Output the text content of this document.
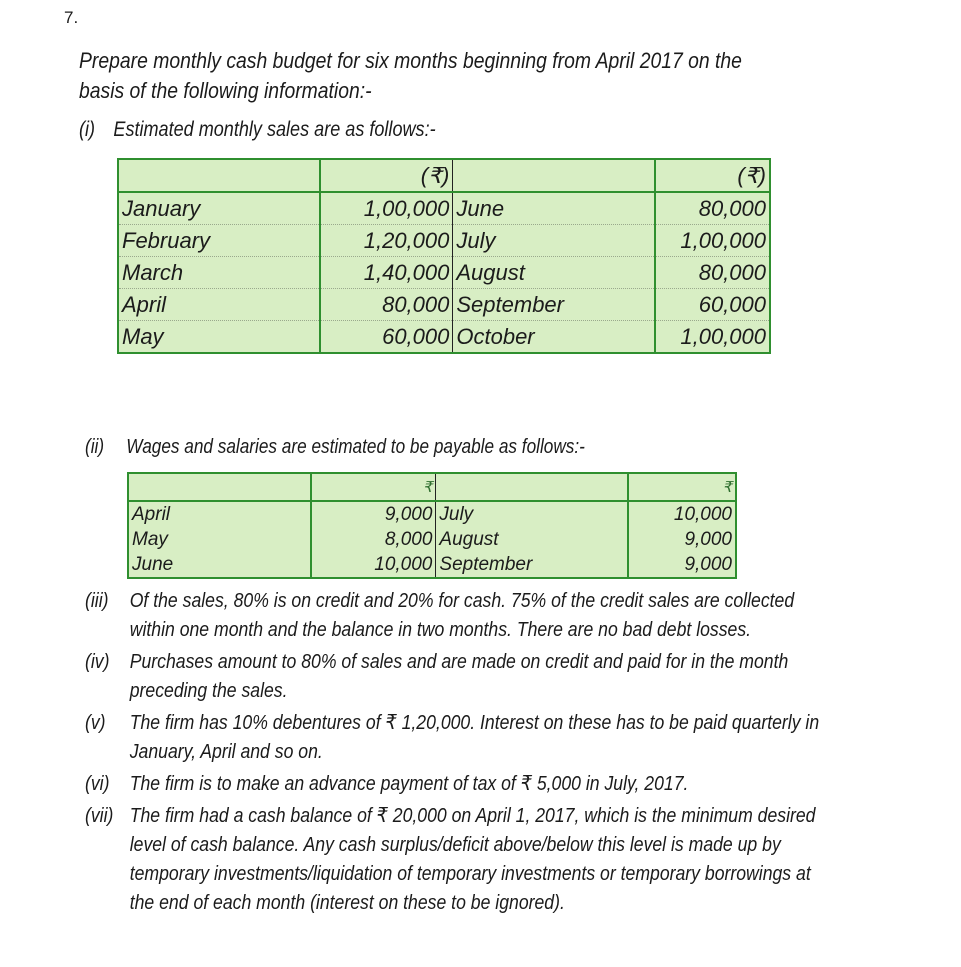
7.
Prepare monthly cash budget for six months beginning from April 2017 on the basis of the following information:-
(i) Estimated monthly sales are as follows:-
	(₹)		(₹)
January	1,00,000	June	80,000
February	1,20,000	July	1,00,000
March	1,40,000	August	80,000
April	80,000	September	60,000
May	60,000	October	1,00,000
(ii) Wages and salaries are estimated to be payable as follows:-
	₹		₹
April	9,000	July	10,000
May	8,000	August	9,000
June	10,000	September	9,000
(iii) Of the sales, 80% is on credit and 20% for cash. 75% of the credit sales are collected within one month and the balance in two months. There are no bad debt losses.
(iv) Purchases amount to 80% of sales and are made on credit and paid for in the month preceding the sales.
(v) The firm has 10% debentures of ₹ 1,20,000. Interest on these has to be paid quarterly in January, April and so on.
(vi) The firm is to make an advance payment of tax of ₹ 5,000 in July, 2017.
(vii) The firm had a cash balance of ₹ 20,000 on April 1, 2017, which is the minimum desired level of cash balance. Any cash surplus/deficit above/below this level is made up by temporary investments/liquidation of temporary investments or temporary borrowings at the end of each month (interest on these to be ignored).
